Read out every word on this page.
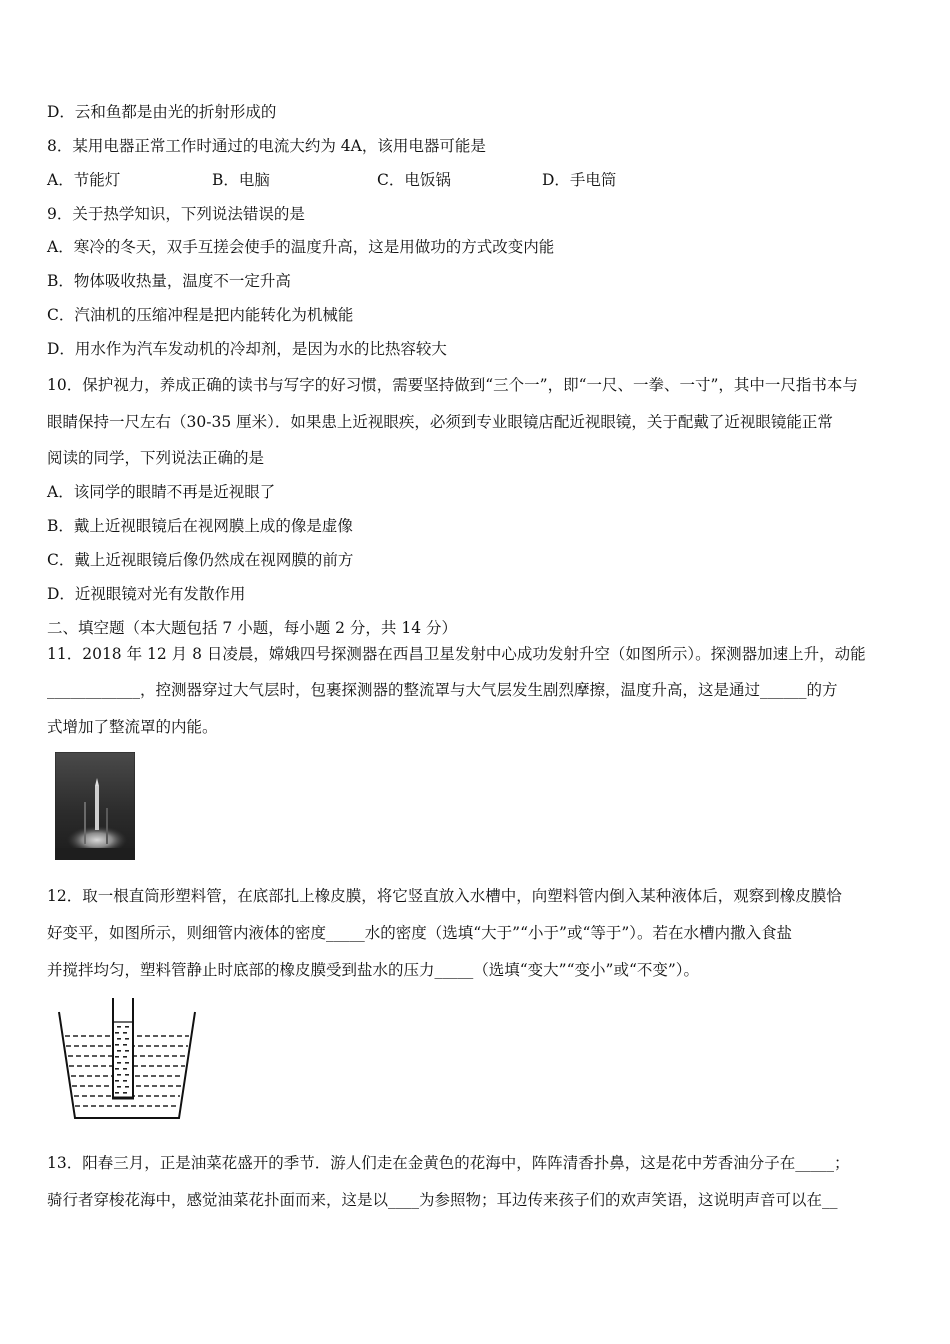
D．云和鱼都是由光的折射形成的
8．某用电器正常工作时通过的电流大约为 4A，该用电器可能是
A．节能灯	B．电脑	C．电饭锅	D．手电筒
9．关于热学知识，下列说法错误的是
A．寒冷的冬天，双手互搓会使手的温度升高，这是用做功的方式改变内能
B．物体吸收热量，温度不一定升高
C．汽油机的压缩冲程是把内能转化为机械能
D．用水作为汽车发动机的冷却剂，是因为水的比热容较大
10．保护视力，养成正确的读书与写字的好习惯，需要坚持做到“三个一”，即“一尺、一拳、一寸”，其中一尺指书本与
眼睛保持一尺左右（30-35 厘米）．如果患上近视眼疾，必须到专业眼镜店配近视眼镜，关于配戴了近视眼镜能正常
阅读的同学，下列说法正确的是
A．该同学的眼睛不再是近视眼了
B．戴上近视眼镜后在视网膜上成的像是虚像
C．戴上近视眼镜后像仍然成在视网膜的前方
D．近视眼镜对光有发散作用
二、填空题（本大题包括 7 小题，每小题 2 分，共 14 分）
11．2018 年 12 月 8 日凌晨，嫦娥四号探测器在西昌卫星发射中心成功发射升空（如图所示）。探测器加速上升，动能
____________，控测器穿过大气层时，包裹探测器的整流罩与大气层发生剧烈摩擦，温度升高，这是通过______的方
式增加了整流罩的内能。
12．取一根直筒形塑料管，在底部扎上橡皮膜，将它竖直放入水槽中，向塑料管内倒入某种液体后，观察到橡皮膜恰
好变平，如图所示，则细管内液体的密度_____水的密度（选填“大于”“小于”或“等于”）。若在水槽内撒入食盐
并搅拌均匀，塑料管静止时底部的橡皮膜受到盐水的压力_____（选填“变大”“变小”或“不变”）。
13．阳春三月，正是油菜花盛开的季节．游人们走在金黄色的花海中，阵阵清香扑鼻，这是花中芳香油分子在_____；
骑行者穿梭花海中，感觉油菜花扑面而来，这是以____为参照物；耳边传来孩子们的欢声笑语，这说明声音可以在__
